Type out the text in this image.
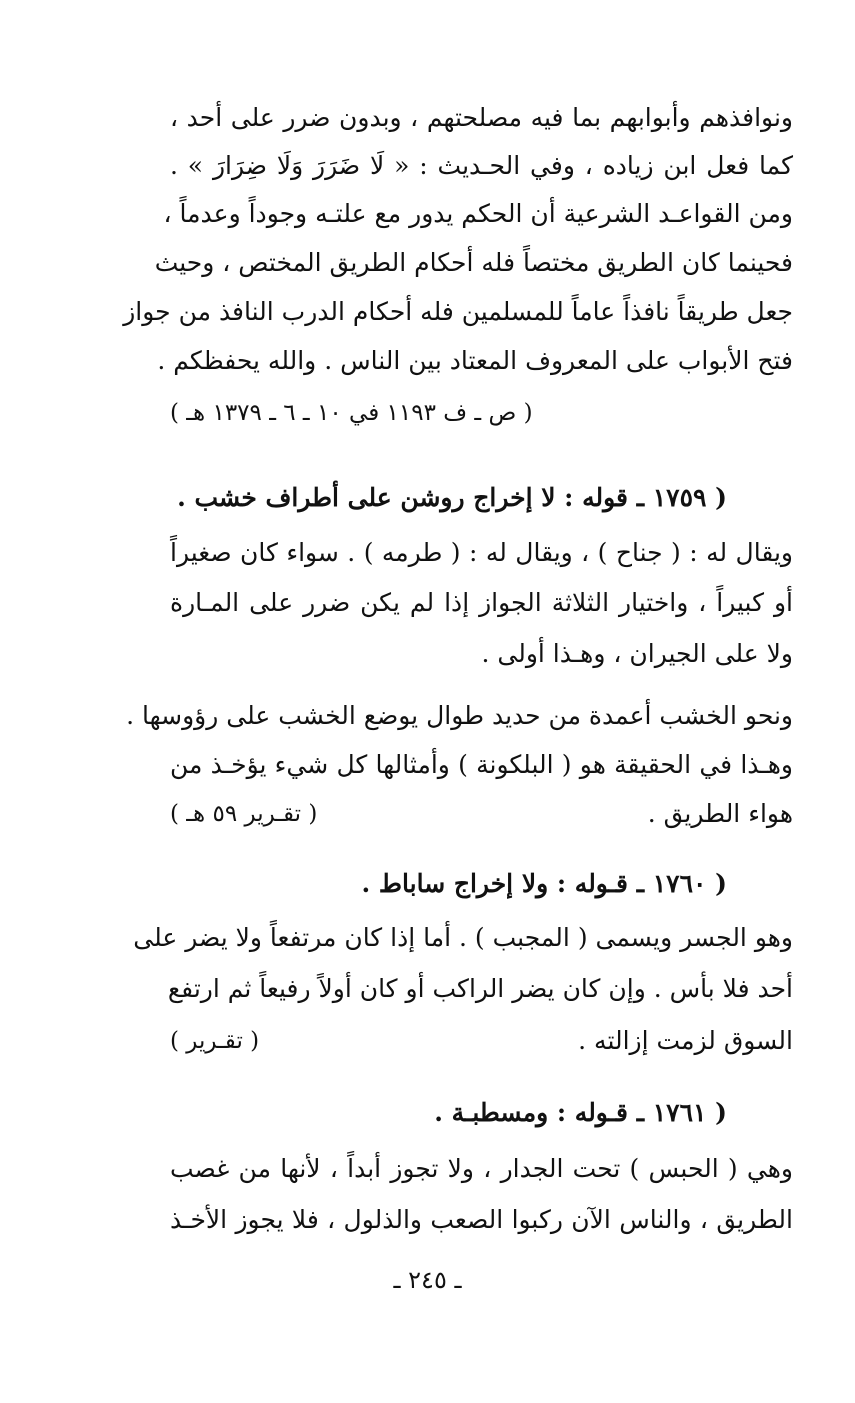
ونوافذهم وأبوابهم بما فيه مصلحتهم ، وبدون ضرر على أحد ،
كما فعل ابن زياده ، وفي الحـديث : « لَا ضَرَرَ وَلَا ضِرَارَ » .
ومن القواعـد الشرعية أن الحكم يدور مع علتـه وجوداً وعدماً ،
فحينما كان الطريق مختصاً فله أحكام الطريق المختص ، وحيث
جعل طريقاً نافذاً عاماً للمسلمين فله أحكام الدرب النافذ من جواز
فتح الأبواب على المعروف المعتاد بين الناس . والله يحفظكم .
( ص ـ ف ١١٩٣ في ١٠ ـ ٦ ـ ١٣٧٩ هـ )
( ١٧٥٩ ـ قوله : لا إخراج روشن على أطراف خشب .
ويقال له : ( جناح ) ، ويقال له : ( طرمه ) . سواء كان صغيراً
أو كبيراً ، واختيار الثلاثة الجواز إذا لم يكن ضرر على المـارة
ولا على الجيران ، وهـذا أولى .
ونحو الخشب أعمدة من حديد طوال يوضع الخشب على رؤوسها .
وهـذا في الحقيقة هو ( البلكونة ) وأمثالها كل شيء يؤخـذ من
هواء الطريق .
( تقـرير ٥٩ هـ )
( ١٧٦٠ ـ قـوله : ولا إخراج ساباط .
وهو الجسر ويسمى ( المجبب ) . أما إذا كان مرتفعاً ولا يضر على
أحد فلا بأس . وإن كان يضر الراكب أو كان أولاً رفيعاً ثم ارتفع
السوق لزمت إزالته .
( تقـرير )
( ١٧٦١ ـ قـوله : ومسطبـة .
وهي ( الحبس ) تحت الجدار ، ولا تجوز أبداً ، لأنها من غصب
الطريق ، والناس الآن ركبوا الصعب والذلول ، فلا يجوز الأخـذ
ـ ٢٤٥ ـ
